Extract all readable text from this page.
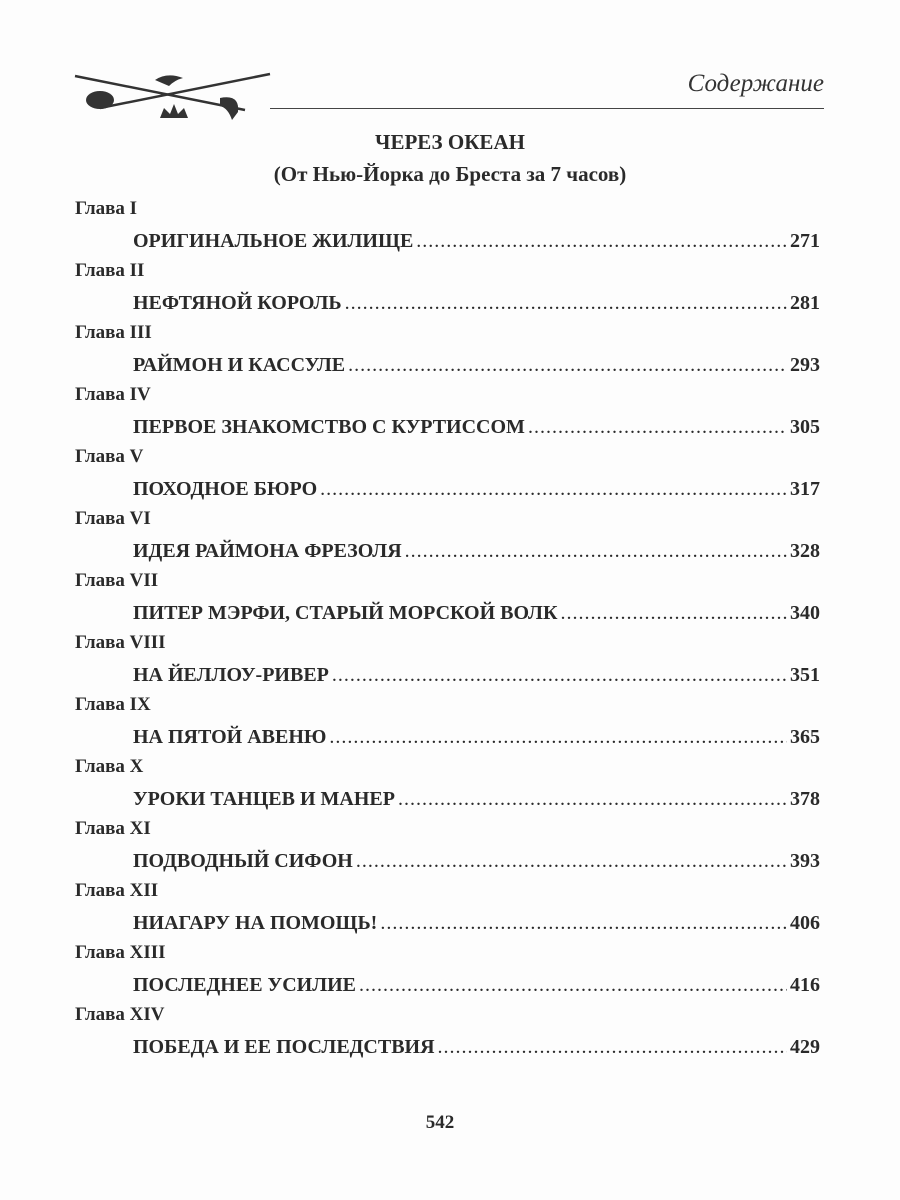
Содержание
ЧЕРЕЗ ОКЕАН
(От Нью-Йорка до Бреста за 7 часов)
Глава I
ОРИГИНАЛЬНОЕ ЖИЛИЩЕ . . .	271
Глава II
НЕФТЯНОЙ КОРОЛЬ . . .	281
Глава III
РАЙМОН И КАССУЛЕ . . .	293
Глава IV
ПЕРВОЕ ЗНАКОМСТВО С КУРТИССОМ . . .	305
Глава V
ПОХОДНОЕ БЮРО . . .	317
Глава VI
ИДЕЯ РАЙМОНА ФРЕЗОЛЯ . . .	328
Глава VII
ПИТЕР МЭРФИ, СТАРЫЙ МОРСКОЙ ВОЛК . . .	340
Глава VIII
НА ЙЕЛЛОУ-РИВЕР . . .	351
Глава IX
НА ПЯТОЙ АВЕНЮ . . .	365
Глава X
УРОКИ ТАНЦЕВ И МАНЕР . . .	378
Глава XI
ПОДВОДНЫЙ СИФОН . . .	393
Глава XII
НИАГАРУ НА ПОМОЩЬ! . . .	406
Глава XIII
ПОСЛЕДНЕЕ УСИЛИЕ . . .	416
Глава XIV
ПОБЕДА И ЕЕ ПОСЛЕДСТВИЯ . . .	429
542
